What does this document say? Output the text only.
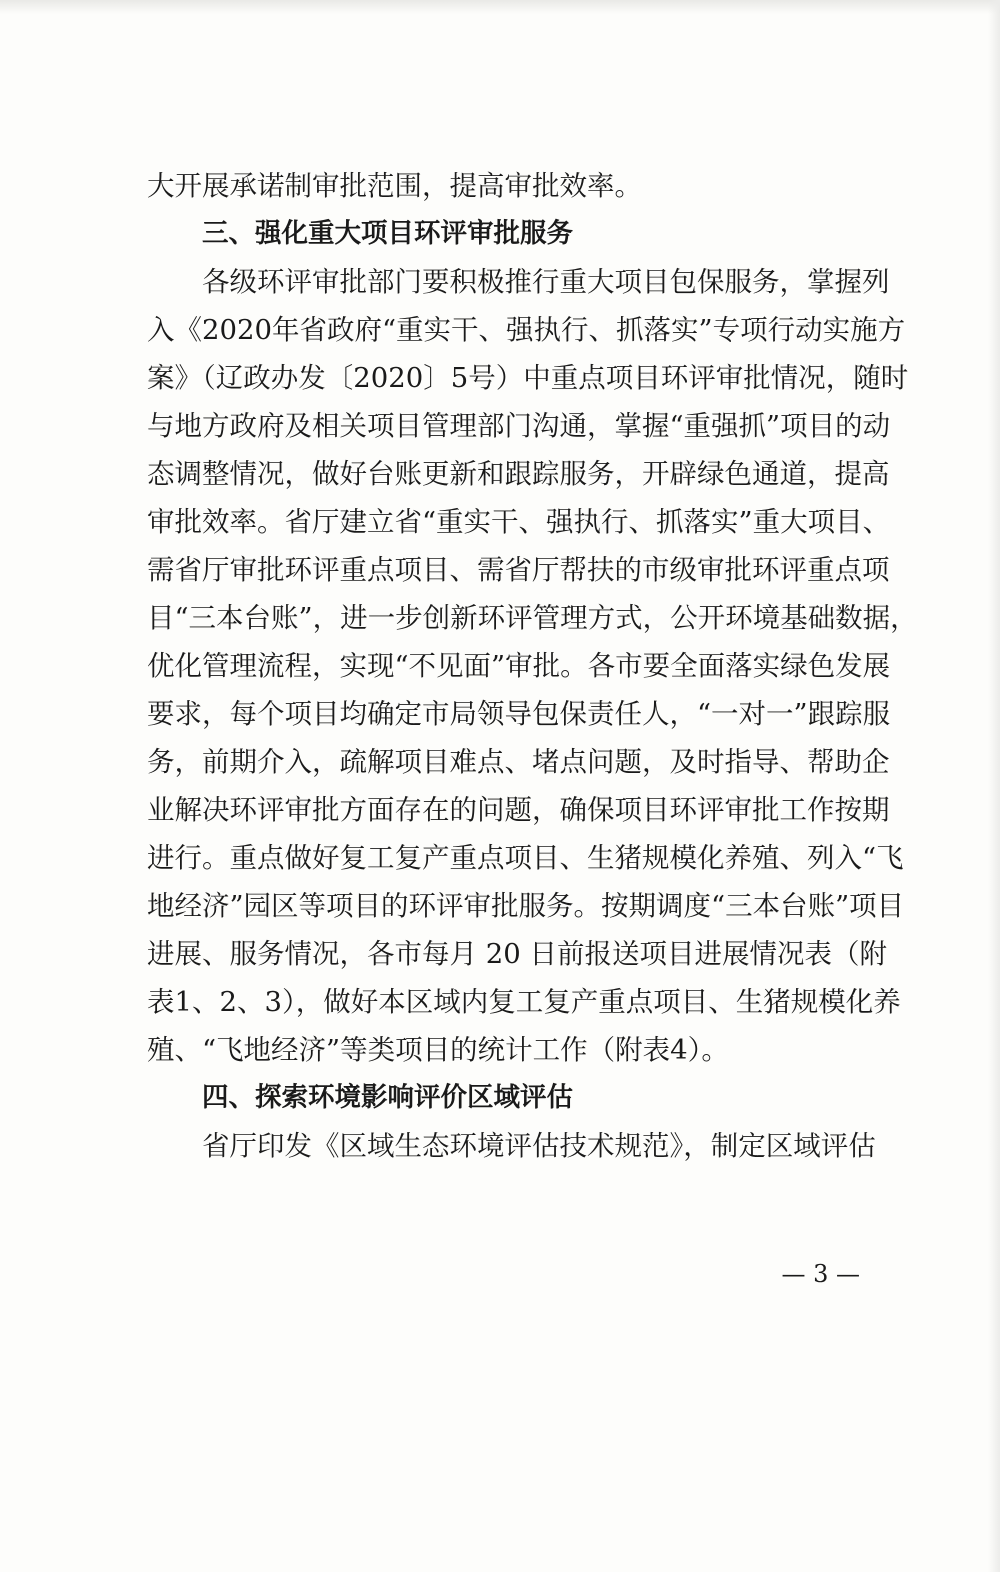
大开展承诺制审批范围，提高审批效率。
三、强化重大项目环评审批服务
各级环评审批部门要积极推行重大项目包保服务，掌握列
入《2020年省政府“重实干、强执行、抓落实”专项行动实施方
案》（辽政办发〔2020〕5号）中重点项目环评审批情况，随时
与地方政府及相关项目管理部门沟通，掌握“重强抓”项目的动
态调整情况，做好台账更新和跟踪服务，开辟绿色通道，提高
审批效率。省厅建立省“重实干、强执行、抓落实”重大项目、
需省厅审批环评重点项目、需省厅帮扶的市级审批环评重点项
目“三本台账”，进一步创新环评管理方式，公开环境基础数据，
优化管理流程，实现“不见面”审批。各市要全面落实绿色发展
要求，每个项目均确定市局领导包保责任人，“一对一”跟踪服
务，前期介入，疏解项目难点、堵点问题，及时指导、帮助企
业解决环评审批方面存在的问题，确保项目环评审批工作按期
进行。重点做好复工复产重点项目、生猪规模化养殖、列入“飞
地经济”园区等项目的环评审批服务。按期调度“三本台账”项目
进展、服务情况，各市每月 20 日前报送项目进展情况表（附
表1、2、3），做好本区域内复工复产重点项目、生猪规模化养
殖、“飞地经济”等类项目的统计工作（附表4）。
四、探索环境影响评价区域评估
省厅印发《区域生态环境评估技术规范》，制定区域评估
— 3 —
